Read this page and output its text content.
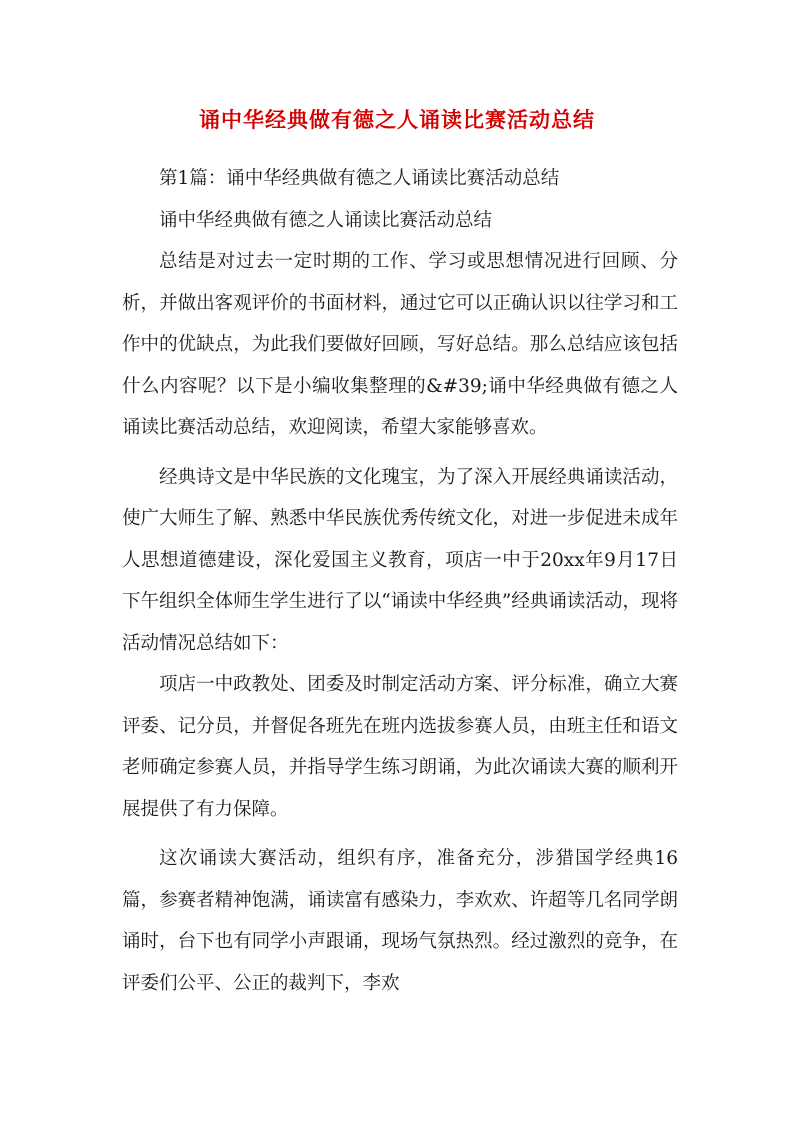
诵中华经典做有德之人诵读比赛活动总结

第1篇：诵中华经典做有德之人诵读比赛活动总结

诵中华经典做有德之人诵读比赛活动总结

总结是对过去一定时期的工作、学习或思想情况进行回顾、分析，并做出客观评价的书面材料，通过它可以正确认识以往学习和工作中的优缺点，为此我们要做好回顾，写好总结。那么总结应该包括什么内容呢？以下是小编收集整理的&#39;诵中华经典做有德之人诵读比赛活动总结，欢迎阅读，希望大家能够喜欢。

经典诗文是中华民族的文化瑰宝，为了深入开展经典诵读活动，使广大师生了解、熟悉中华民族优秀传统文化，对进一步促进未成年人思想道德建设，深化爱国主义教育，项店一中于20xx年9月17日下午组织全体师生学生进行了以“诵读中华经典”经典诵读活动，现将活动情况总结如下：

项店一中政教处、团委及时制定活动方案、评分标准，确立大赛评委、记分员，并督促各班先在班内选拔参赛人员，由班主任和语文老师确定参赛人员，并指导学生练习朗诵，为此次诵读大赛的顺利开展提供了有力保障。

这次诵读大赛活动，组织有序，准备充分，涉猎国学经典16篇，参赛者精神饱满，诵读富有感染力，李欢欢、许超等几名同学朗诵时，台下也有同学小声跟诵，现场气氛热烈。经过激烈的竞争，在评委们公平、公正的裁判下，李欢
